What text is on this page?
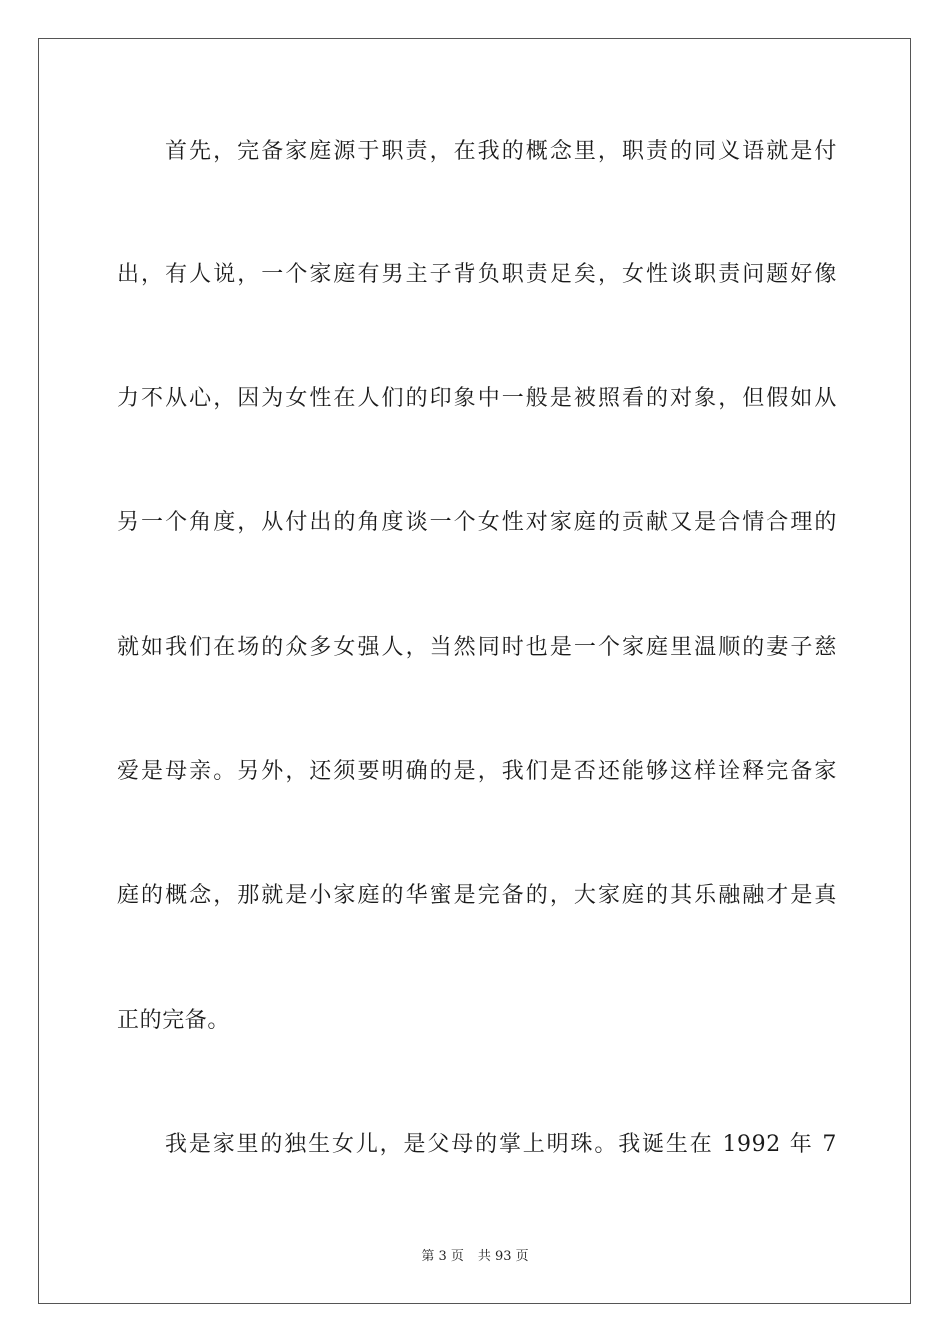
首先，完备家庭源于职责，在我的概念里，职责的同义语就是付
出，有人说，一个家庭有男主子背负职责足矣，女性谈职责问题好像
力不从心，因为女性在人们的印象中一般是被照看的对象，但假如从
另一个角度，从付出的角度谈一个女性对家庭的贡献又是合情合理的
就如我们在场的众多女强人，当然同时也是一个家庭里温顺的妻子慈
爱是母亲。另外，还须要明确的是，我们是否还能够这样诠释完备家
庭的概念，那就是小家庭的华蜜是完备的，大家庭的其乐融融才是真
正的完备。
我是家里的独生女儿，是父母的掌上明珠。我诞生在 1992 年 7
第 3 页 共 93 页
